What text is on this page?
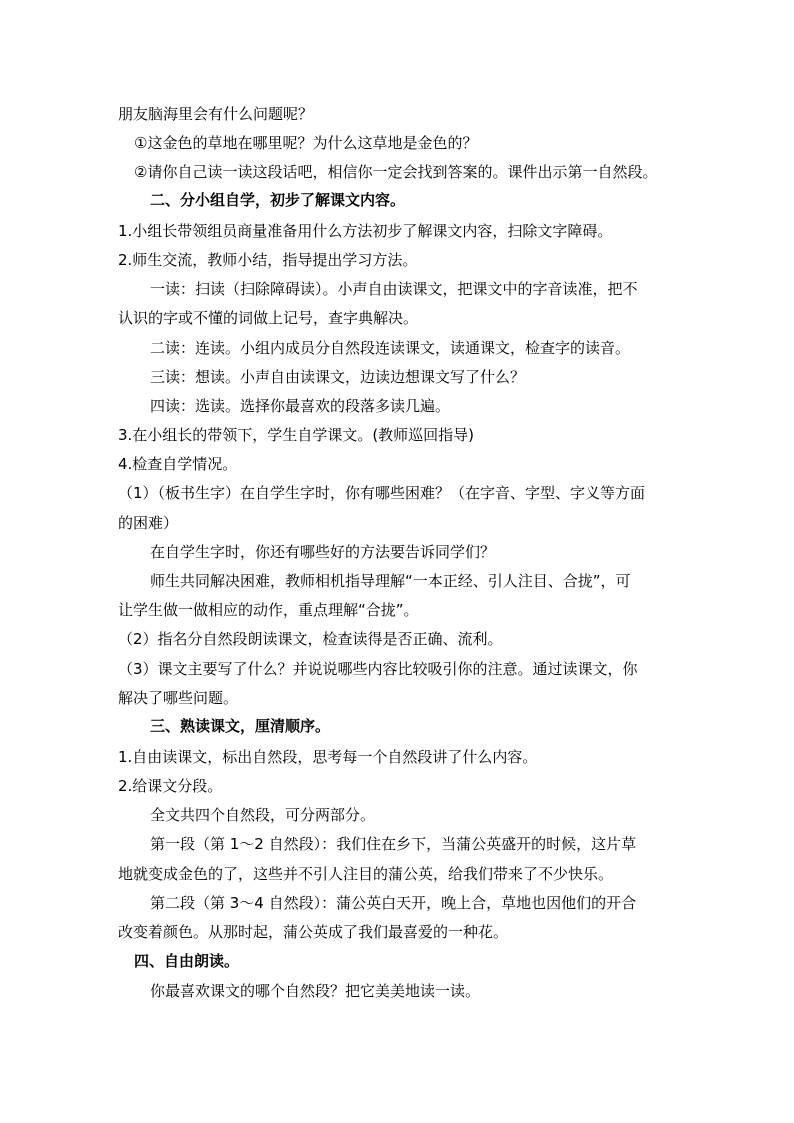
朋友脑海里会有什么问题呢？
①这金色的草地在哪里呢？为什么这草地是金色的？
②请你自己读一读这段话吧，相信你一定会找到答案的。课件出示第一自然段。
二、分小组自学，初步了解课文内容。
1.小组长带领组员商量准备用什么方法初步了解课文内容，扫除文字障碍。
2.师生交流，教师小结，指导提出学习方法。
一读：扫读（扫除障碍读）。小声自由读课文，把课文中的字音读准，把不
认识的字或不懂的词做上记号，查字典解决。
二读：连读。小组内成员分自然段连读课文，读通课文，检查字的读音。
三读：想读。小声自由读课文，边读边想课文写了什么？
四读：选读。选择你最喜欢的段落多读几遍。
3.在小组长的带领下，学生自学课文。(教师巡回指导)
4.检查自学情况。
（1）（板书生字）在自学生字时，你有哪些困难？（在字音、字型、字义等方面
的困难）
在自学生字时，你还有哪些好的方法要告诉同学们？
师生共同解决困难，教师相机指导理解“一本正经、引人注目、合拢”，可
让学生做一做相应的动作，重点理解“合拢”。
（2）指名分自然段朗读课文，检查读得是否正确、流利。
（3）课文主要写了什么？并说说哪些内容比较吸引你的注意。通过读课文，你
解决了哪些问题。
三、熟读课文，厘清顺序。
1.自由读课文，标出自然段，思考每一个自然段讲了什么内容。
2.给课文分段。
全文共四个自然段，可分两部分。
第一段（第 1～2 自然段）：我们住在乡下，当蒲公英盛开的时候，这片草
地就变成金色的了，这些并不引人注目的蒲公英，给我们带来了不少快乐。
第二段（第 3～4 自然段）：蒲公英白天开，晚上合，草地也因他们的开合
改变着颜色。从那时起，蒲公英成了我们最喜爱的一种花。
四、自由朗读。
你最喜欢课文的哪个自然段？把它美美地读一读。
